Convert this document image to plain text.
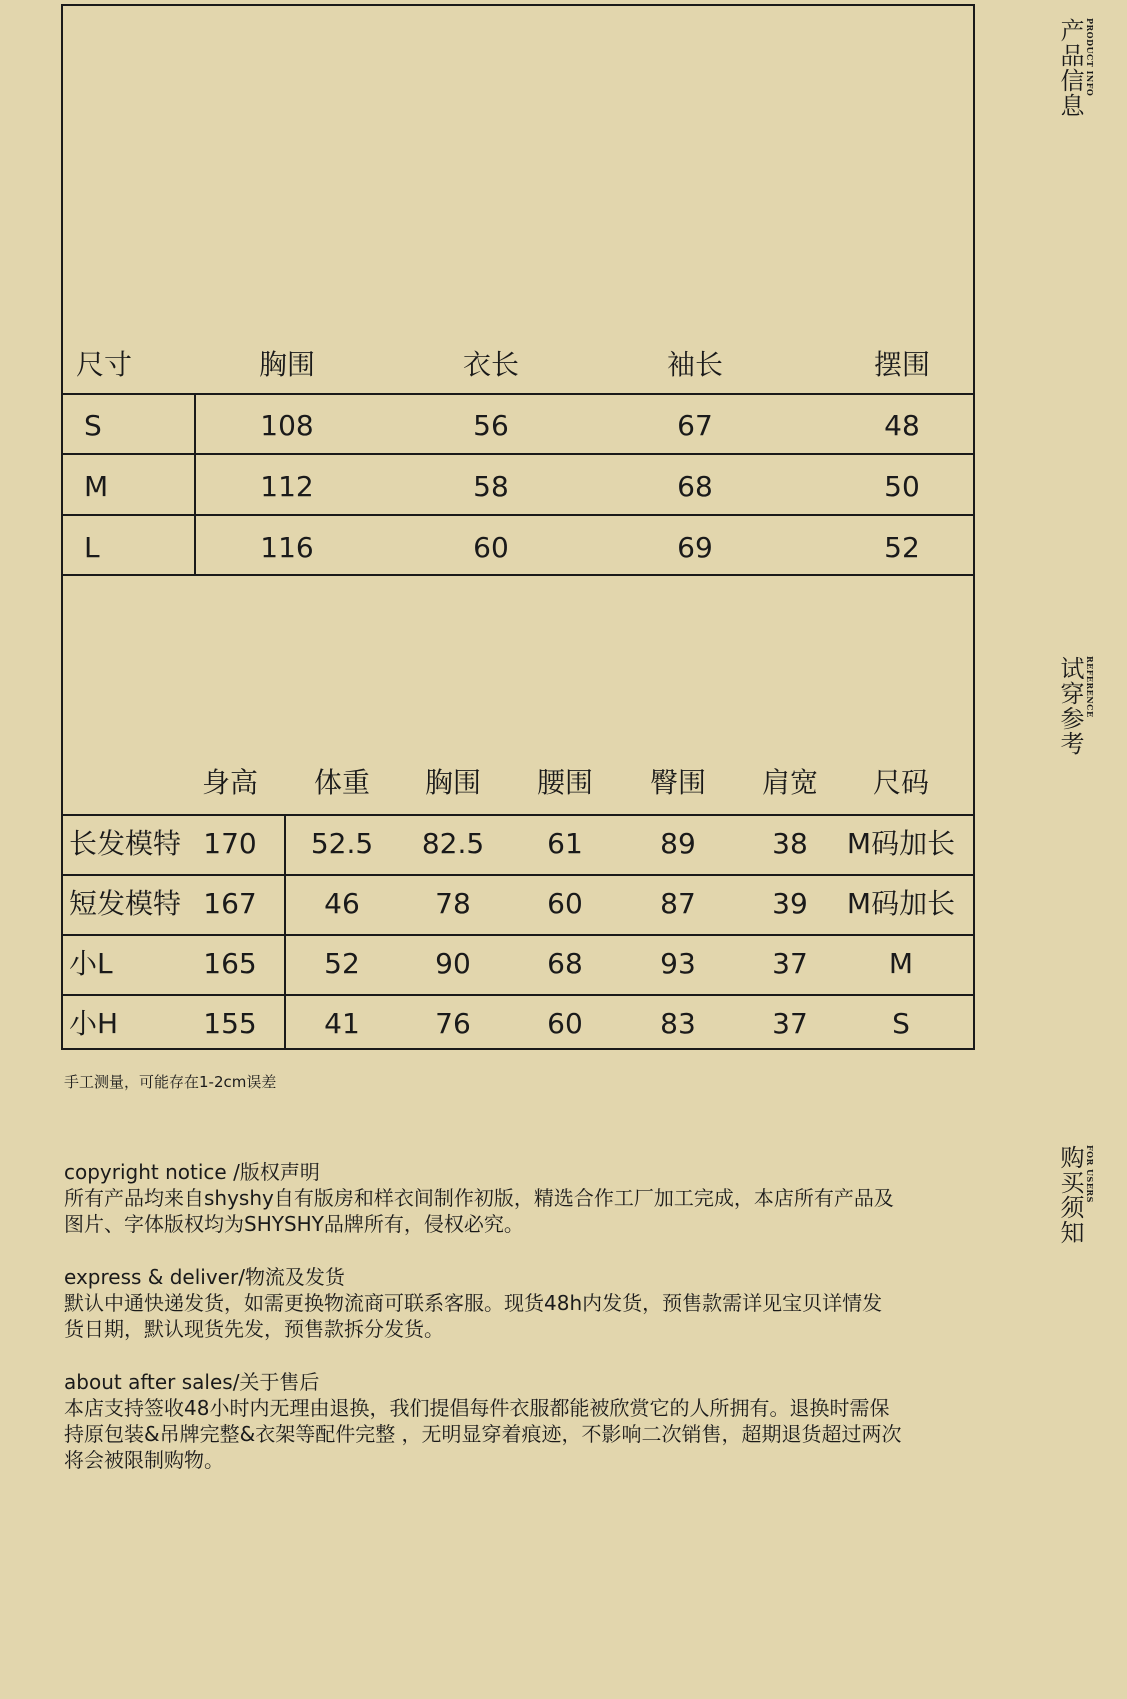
尺寸	胸围	衣长	袖长	摆围
S	108	56	67	48
M	112	58	68	50
L	116	60	69	52
身高 体重 胸围 腰围 臀围 肩宽 尺码
长发模特 170 52.5 82.5 61	89	38 M码加长
短发模特 167 46	78	60	87	39 M码加长
小L	165 52	90	68	93	37	M
小H	155 41	76	60	83	37	S
手工测量，可能存在1-2cm误差

copyright notice /版权声明

所有产品均来自shyshy自有版房和样衣间制作初版，精选合作工厂加工完成，本店所有产品及

图片、字体版权均为SHYSHY品牌所有，侵权必究。

express & deliver/物流及发货

默认中通快递发货，如需更换物流商可联系客服。现货48h内发货，预售款需详见宝贝详情发

货日期，默认现货先发，预售款拆分发货。

about after sales/关于售后

本店支持签收48小时内无理由退换，我们提倡每件衣服都能被欣赏它的人所拥有。退换时需保

持原包装&吊牌完整&衣架等配件完整 ，无明显穿着痕迹，不影响二次销售，超期退货超过两次

将会被限制购物。

产品信息 PRODUCT INFO
试穿参考 REFERENCE
购买须知 FOR USERS
